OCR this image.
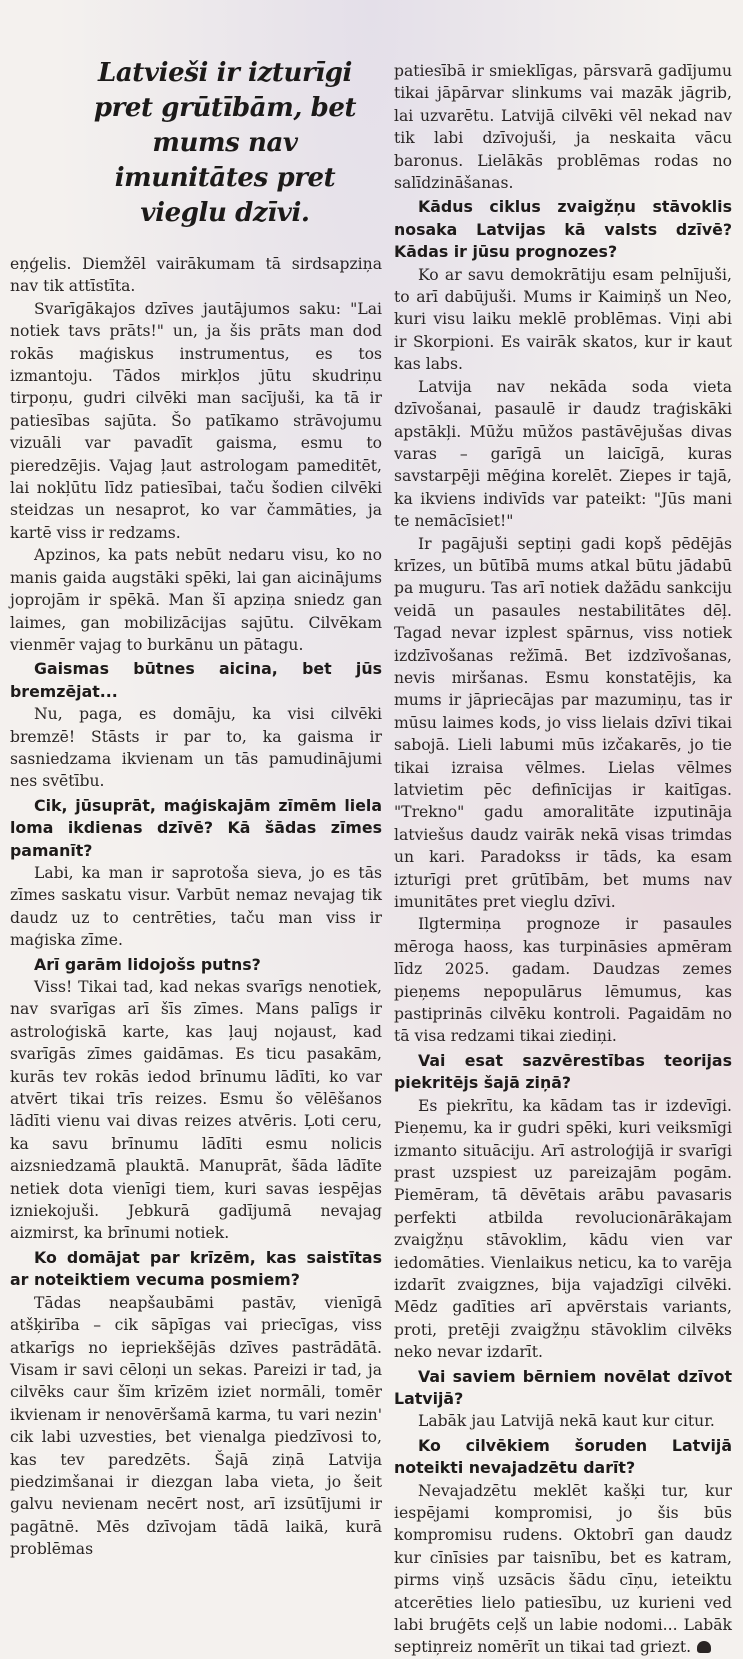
Latvieši ir izturīgi pret grūtībām, bet mums nav imunitātes pret vieglu dzīvi.

eņģelis. Diemžēl vairākumam tā sirdsapziņa nav tik attīstīta.

Svarīgākajos dzīves jautājumos saku: "Lai notiek tavs prāts!" un, ja šis prāts man dod rokās maģiskus instrumentus, es tos izmantoju. Tādos mirkļos jūtu skudriņu tirpoņu, gudri cilvēki man sacījuši, ka tā ir patiesības sajūta. Šo patīkamo strāvojumu vizuāli var pavadīt gaisma, esmu to pieredzējis. Vajag ļaut astrologam pameditēt, lai nokļūtu līdz patiesībai, taču šodien cilvēki steidzas un nesaprot, ko var čammāties, ja kartē viss ir redzams.

Apzinos, ka pats nebūt nedaru visu, ko no manis gaida augstāki spēki, lai gan aicinājums joprojām ir spēkā. Man šī apziņa sniedz gan laimes, gan mobilizācijas sajūtu. Cilvēkam vienmēr vajag to burkānu un pātagu.

Gaismas būtnes aicina, bet jūs bremzējat...

Nu, paga, es domāju, ka visi cilvēki bremzē! Stāsts ir par to, ka gaisma ir sasniedzama ikvienam un tās pamudinājumi nes svētību.

Cik, jūsuprāt, maģiskajām zīmēm liela loma ikdienas dzīvē? Kā šādas zīmes pamanīt?

Labi, ka man ir saprotoša sieva, jo es tās zīmes saskatu visur. Varbūt nemaz nevajag tik daudz uz to centrēties, taču man viss ir maģiska zīme.

Arī garām lidojošs putns?

Viss! Tikai tad, kad nekas svarīgs nenotiek, nav svarīgas arī šīs zīmes. Mans palīgs ir astroloģiskā karte, kas ļauj nojaust, kad svarīgās zīmes gaidāmas. Es ticu pasakām, kurās tev rokās iedod brīnumu lādīti, ko var atvērt tikai trīs reizes. Esmu šo vēlēšanos lādīti vienu vai divas reizes atvēris. Ļoti ceru, ka savu brīnumu lādīti esmu nolicis aizsniedzamā plauktā. Manuprāt, šāda lādīte netiek dota vienīgi tiem, kuri savas iespējas izniekojuši. Jebkurā gadījumā nevajag aizmirst, ka brīnumi notiek.

Ko domājat par krīzēm, kas saistītas ar noteiktiem vecuma posmiem?

Tādas neapšaubāmi pastāv, vienīgā atšķirība – cik sāpīgas vai priecīgas, viss atkarīgs no iepriekšējās dzīves pastrādātā. Visam ir savi cēloņi un sekas. Pareizi ir tad, ja cilvēks caur šīm krīzēm iziet normāli, tomēr ikvienam ir nenovēršamā karma, tu vari nezin' cik labi uzvesties, bet vienalga piedzīvosi to, kas tev paredzēts. Šajā ziņā Latvija piedzimšanai ir diezgan laba vieta, jo šeit galvu nevienam necērt nost, arī izsūtījumi ir pagātnē. Mēs dzīvojam tādā laikā, kurā problēmas

patiesībā ir smieklīgas, pārsvarā gadījumu tikai jāpārvar slinkums vai mazāk jāgrib, lai uzvarētu. Latvijā cilvēki vēl nekad nav tik labi dzīvojuši, ja neskaita vācu baronus. Lielākās problēmas rodas no salīdzināšanas.

Kādus ciklus zvaigžņu stāvoklis nosaka Latvijas kā valsts dzīvē? Kādas ir jūsu prognozes?

Ko ar savu demokrātiju esam pelnījuši, to arī dabūjuši. Mums ir Kaimiņš un Neo, kuri visu laiku meklē problēmas. Viņi abi ir Skorpioni. Es vairāk skatos, kur ir kaut kas labs.

Latvija nav nekāda soda vieta dzīvošanai, pasaulē ir daudz traģiskāki apstākļi. Mūžu mūžos pastāvējušas divas varas – garīgā un laicīgā, kuras savstarpēji mēģina korelēt. Ziepes ir tajā, ka ikviens indivīds var pateikt: "Jūs mani te nemācīsiet!"

Ir pagājuši septiņi gadi kopš pēdējās krīzes, un būtībā mums atkal būtu jādabū pa muguru. Tas arī notiek dažādu sankciju veidā un pasaules nestabilitātes dēļ. Tagad nevar izplest spārnus, viss notiek izdzīvošanas režīmā. Bet izdzīvošanas, nevis miršanas. Esmu konstatējis, ka mums ir jāpriecājas par mazumiņu, tas ir mūsu laimes kods, jo viss lielais dzīvi tikai sabojā. Lieli labumi mūs izčakarēs, jo tie tikai izraisa vēlmes. Lielas vēlmes latvietim pēc definīcijas ir kaitīgas. "Trekno" gadu amoralitāte izputināja latviešus daudz vairāk nekā visas trimdas un kari. Paradokss ir tāds, ka esam izturīgi pret grūtībām, bet mums nav imunitātes pret vieglu dzīvi.

Ilgtermiņa prognoze ir pasaules mēroga haoss, kas turpināsies apmēram līdz 2025. gadam. Daudzas zemes pieņems nepopulārus lēmumus, kas pastiprinās cilvēku kontroli. Pagaidām no tā visa redzami tikai ziediņi.

Vai esat sazvērestības teorijas piekritējs šajā ziņā?

Es piekrītu, ka kādam tas ir izdevīgi. Pieņemu, ka ir gudri spēki, kuri veiksmīgi izmanto situāciju. Arī astroloģijā ir svarīgi prast uzspiest uz pareizajām pogām. Piemēram, tā dēvētais arābu pavasaris perfekti atbilda revolucionārākajam zvaigžņu stāvoklim, kādu vien var iedomāties. Vienlaikus neticu, ka to varēja izdarīt zvaigznes, bija vajadzīgi cilvēki. Mēdz gadīties arī apvērstais variants, proti, pretēji zvaigžņu stāvoklim cilvēks neko nevar izdarīt.

Vai saviem bērniem novēlat dzīvot Latvijā?

Labāk jau Latvijā nekā kaut kur citur.

Ko cilvēkiem šoruden Latvijā noteikti nevajadzētu darīt?

Nevajadzētu meklēt kašķi tur, kur iespējami kompromisi, jo šis būs kompromisu rudens. Oktobrī gan daudz kur cīnīsies par taisnību, bet es katram, pirms viņš uzsācis šādu cīņu, ieteiktu atcerēties lielo patiesību, uz kurieni ved labi bruģēts ceļš un labie nodomi... Labāk septiņreiz nomērīt un tikai tad griezt.
